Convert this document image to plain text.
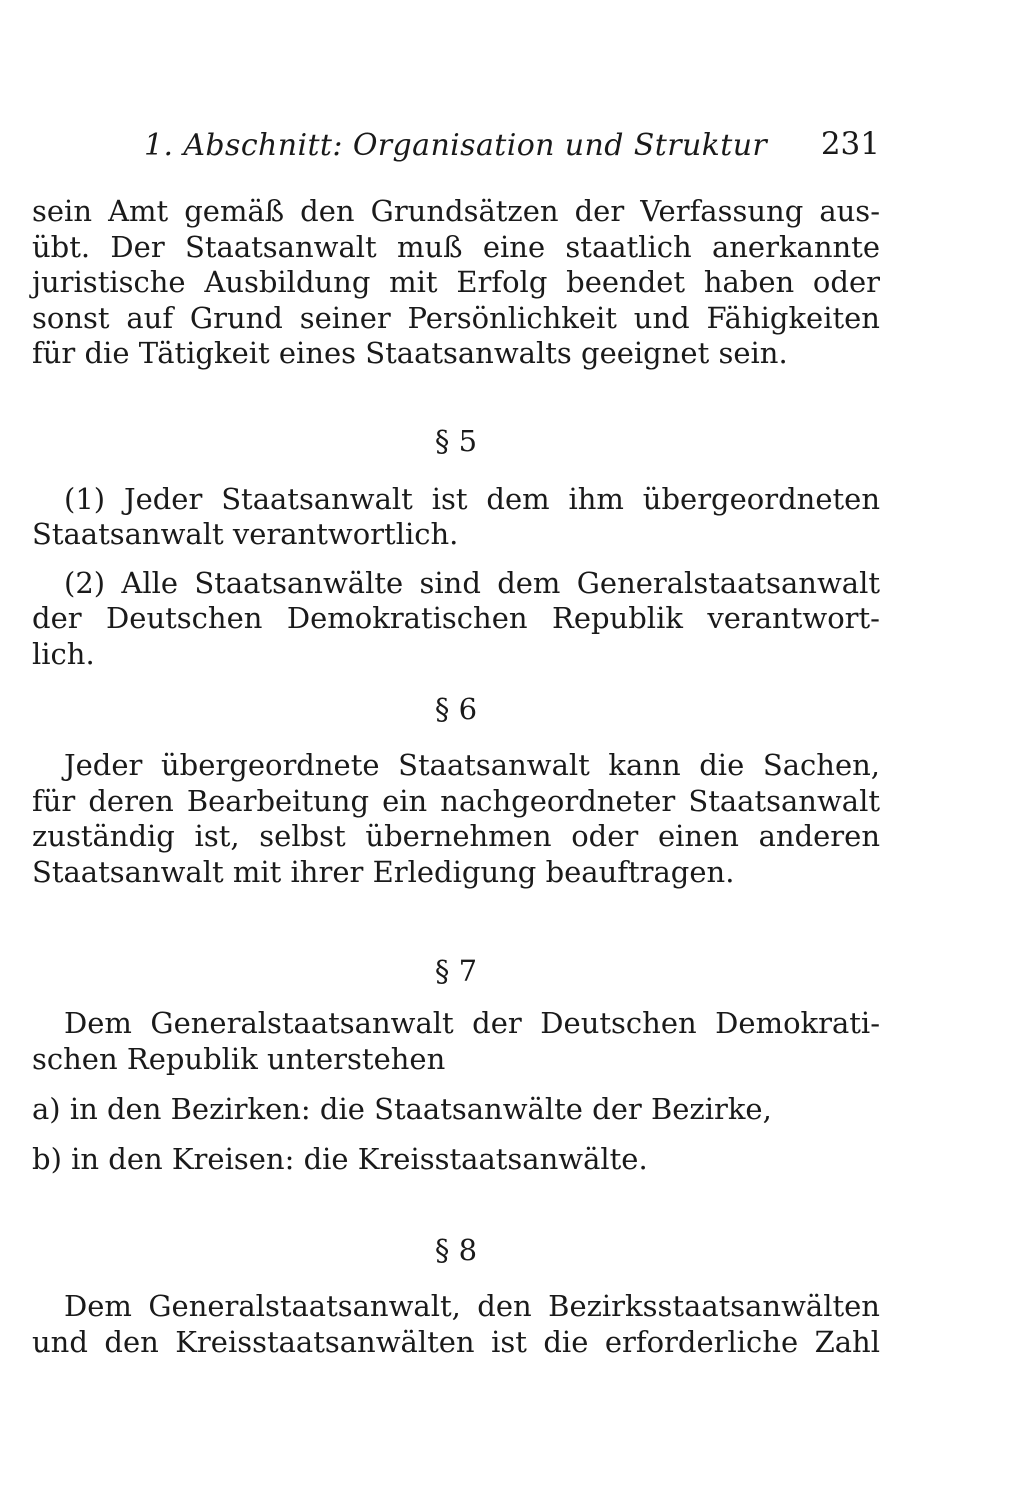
1. Abschnitt: Organisation und Struktur 231
sein Amt gemäß den Grundsätzen der Verfassung aus-
übt. Der Staatsanwalt muß eine staatlich anerkannte
juristische Ausbildung mit Erfolg beendet haben oder
sonst auf Grund seiner Persönlichkeit und Fähigkeiten
für die Tätigkeit eines Staatsanwalts geeignet sein.
§ 5
(1) Jeder Staatsanwalt ist dem ihm übergeordneten
Staatsanwalt verantwortlich.
(2) Alle Staatsanwälte sind dem Generalstaatsanwalt
der Deutschen Demokratischen Republik verantwort-
lich.
§ 6
Jeder übergeordnete Staatsanwalt kann die Sachen,
für deren Bearbeitung ein nachgeordneter Staatsanwalt
zuständig ist, selbst übernehmen oder einen anderen
Staatsanwalt mit ihrer Erledigung beauftragen.
§ 7
Dem Generalstaatsanwalt der Deutschen Demokrati-
schen Republik unterstehen
a) in den Bezirken: die Staatsanwälte der Bezirke,
b) in den Kreisen: die Kreisstaatsanwälte.
§ 8
Dem Generalstaatsanwalt, den Bezirksstaatsanwälten
und den Kreisstaatsanwälten ist die erforderliche Zahl
